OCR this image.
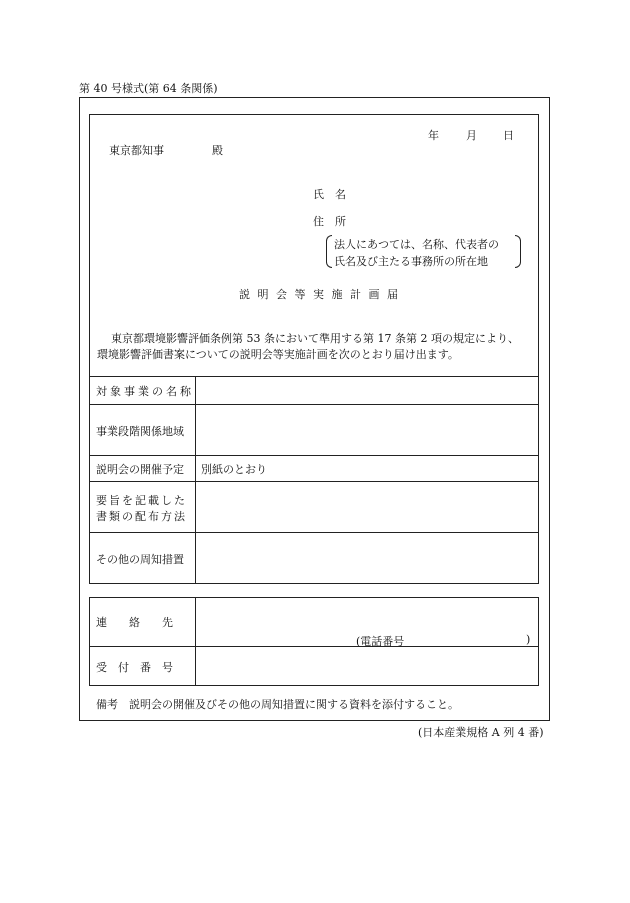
第 40 号様式(第 64 条関係)
年 月 日
東京都知事	殿
氏　名
住　所
法人にあつては、名称、代表者の
氏名及び主たる事務所の所在地
説 明 会 等 実 施 計 画 届
東京都環境影響評価条例第 53 条において準用する第 17 条第 2 項の規定により、
環境影響評価書案についての説明会等実施計画を次のとおり届け出ます。
対象事業の名称
事業段階関係地域
説明会の開催予定 別紙のとおり
要旨を記載した
書類の配布方法
その他の周知措置
連　　絡　　先
(電話番号	)
受　付　番　号
備考　説明会の開催及びその他の周知措置に関する資料を添付すること。
(日本産業規格 A 列 4 番)
